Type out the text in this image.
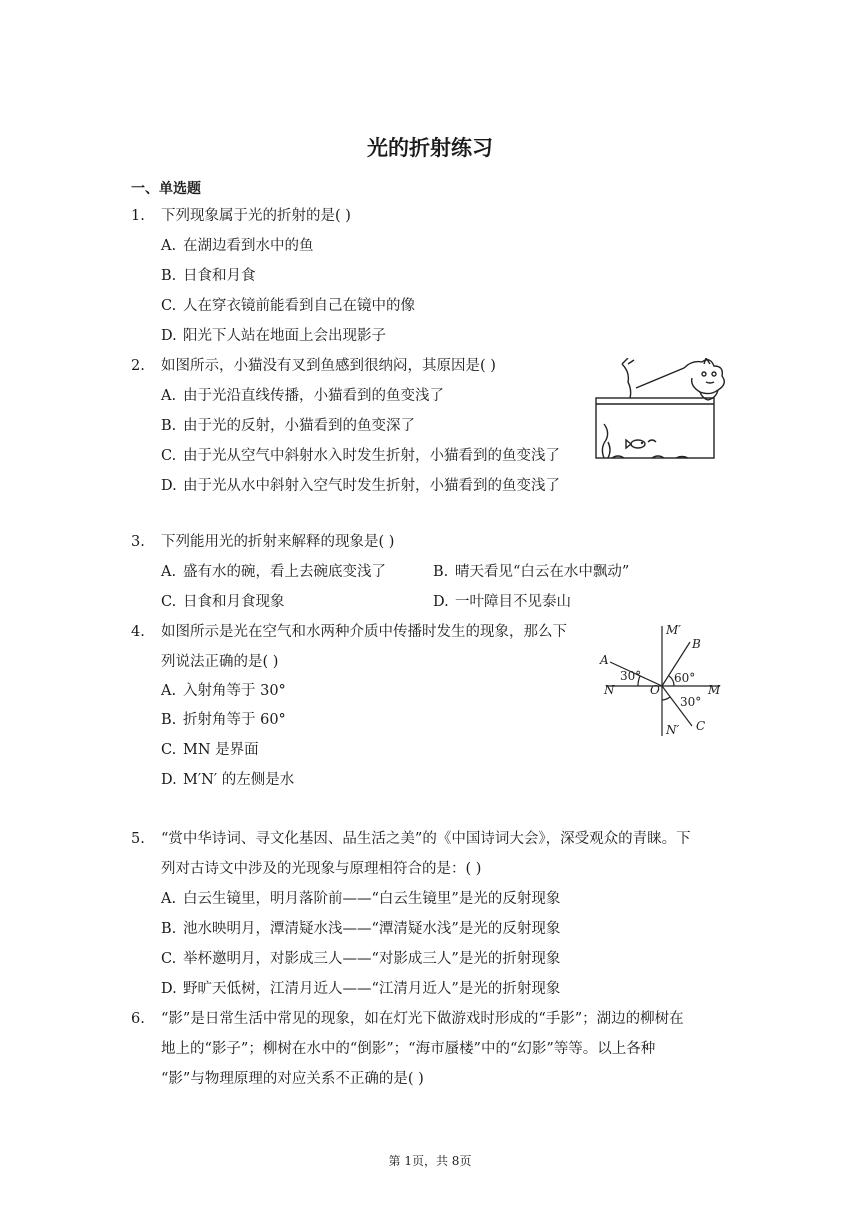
光的折射练习
一、单选题
1. 下列现象属于光的折射的是( )
A. 在湖边看到水中的鱼
B. 日食和月食
C. 人在穿衣镜前能看到自己在镜中的像
D. 阳光下人站在地面上会出现影子
2. 如图所示，小猫没有叉到鱼感到很纳闷，其原因是( )
A. 由于光沿直线传播，小猫看到的鱼变浅了
B. 由于光的反射，小猫看到的鱼变深了
C. 由于光从空气中斜射水入时发生折射，小猫看到的鱼变浅了
D. 由于光从水中斜射入空气时发生折射，小猫看到的鱼变浅了
3. 下列能用光的折射来解释的现象是( )
A. 盛有水的碗，看上去碗底变浅了	B. 晴天看见“白云在水中飘动”
C. 日食和月食现象	D. 一叶障目不见泰山
4. 如图所示是光在空气和水两种介质中传播时发生的现象，那么下
列说法正确的是( )
A. 入射角等于 30°
B. 折射角等于 60°
C. MN 是界面
D. M′N′ 的左侧是水
M′
B
A
N	O	M
N′ C
30°	60°
30°
5. “赏中华诗词、寻文化基因、品生活之美”的《中国诗词大会》，深受观众的青睐。下
列对古诗文中涉及的光现象与原理相符合的是：( )
A. 白云生镜里，明月落阶前——“白云生镜里”是光的反射现象
B. 池水映明月，潭清疑水浅——“潭清疑水浅”是光的反射现象
C. 举杯邀明月，对影成三人——“对影成三人”是光的折射现象
D. 野旷天低树，江清月近人——“江清月近人”是光的折射现象
6. “影”是日常生活中常见的现象，如在灯光下做游戏时形成的“手影”；湖边的柳树在
地上的“影子”；柳树在水中的“倒影”；“海市蜃楼”中的“幻影”等等。以上各种
“影”与物理原理的对应关系不正确的是( )
第 1页，共 8页
